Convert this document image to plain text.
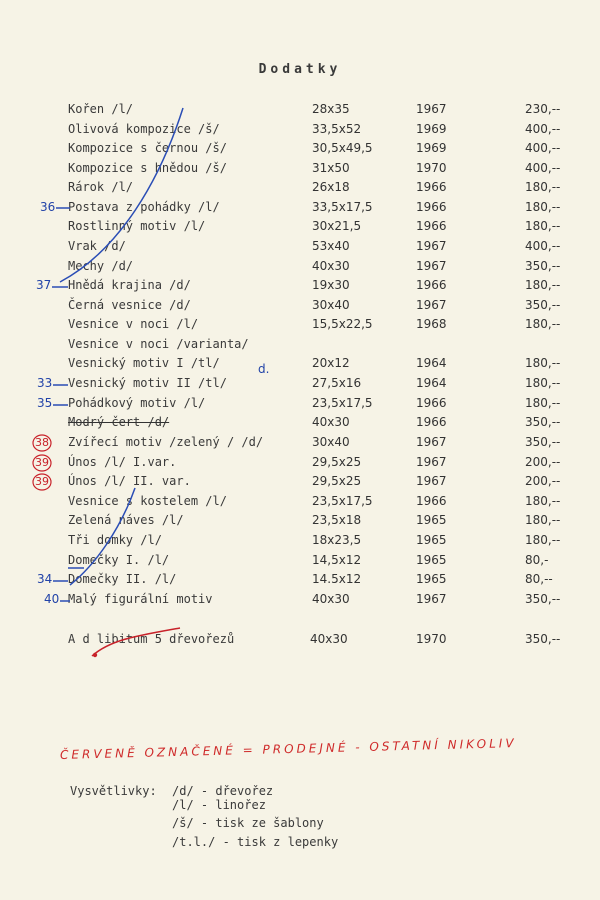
Dodatky
Kořen /l/	28x35	1967	230,--
Olivová kompozice /š/	33,5x52	1969	400,--
Kompozice s černou /š/	30,5x49,5	1969	400,--
Kompozice s hnědou /š/	31x50	1970	400,--
Rárok /l/	26x18	1966	180,--
Postava z pohádky /l/	33,5x17,5	1966	180,--
Rostlinný motiv /l/	30x21,5	1966	180,--
Vrak /d/	53x40	1967	400,--
Mechy /d/	40x30	1967	350,--
Hnědá krajina /d/	19x30	1966	180,--
Černá vesnice /d/	30x40	1967	350,--
Vesnice v noci /l/	15,5x22,5	1968	180,--
Vesnice v noci /varianta/
Vesnický motiv I /tl/	20x12	1964	180,--
Vesnický motiv II /tl/	27,5x16	1964	180,--
Pohádkový motiv /l/	23,5x17,5	1966	180,--
Modrý čert /d/	40x30	1966	350,--
Zvířecí motiv /zelený / /d/	30x40	1967	350,--
Únos /l/ I.var.	29,5x25	1967	200,--
Únos /l/ II. var.	29,5x25	1967	200,--
Vesnice s kostelem /l/	23,5x17,5	1966	180,--
Zelená náves /l/	23,5x18	1965	180,--
Tři domky /l/	18x23,5	1965	180,--
Domečky I. /l/	14,5x12	1965	80,-
Domečky II. /l/	14.5x12	1965	80,--
Malý figurální motiv	40x30	1967	350,--
A d libitum 5 dřevořezů	40x30	1970	350,--
36
37
33
35
34
40
d.
38
39
39
ČERVENĚ OZNAČENÉ = PRODEJNÉ - OSTATNÍ NIKOLIV
Vysvětlivky: /d/ - dřevořez
/l/ - linořez
/š/ - tisk ze šablony
/t.l./ - tisk z lepenky
